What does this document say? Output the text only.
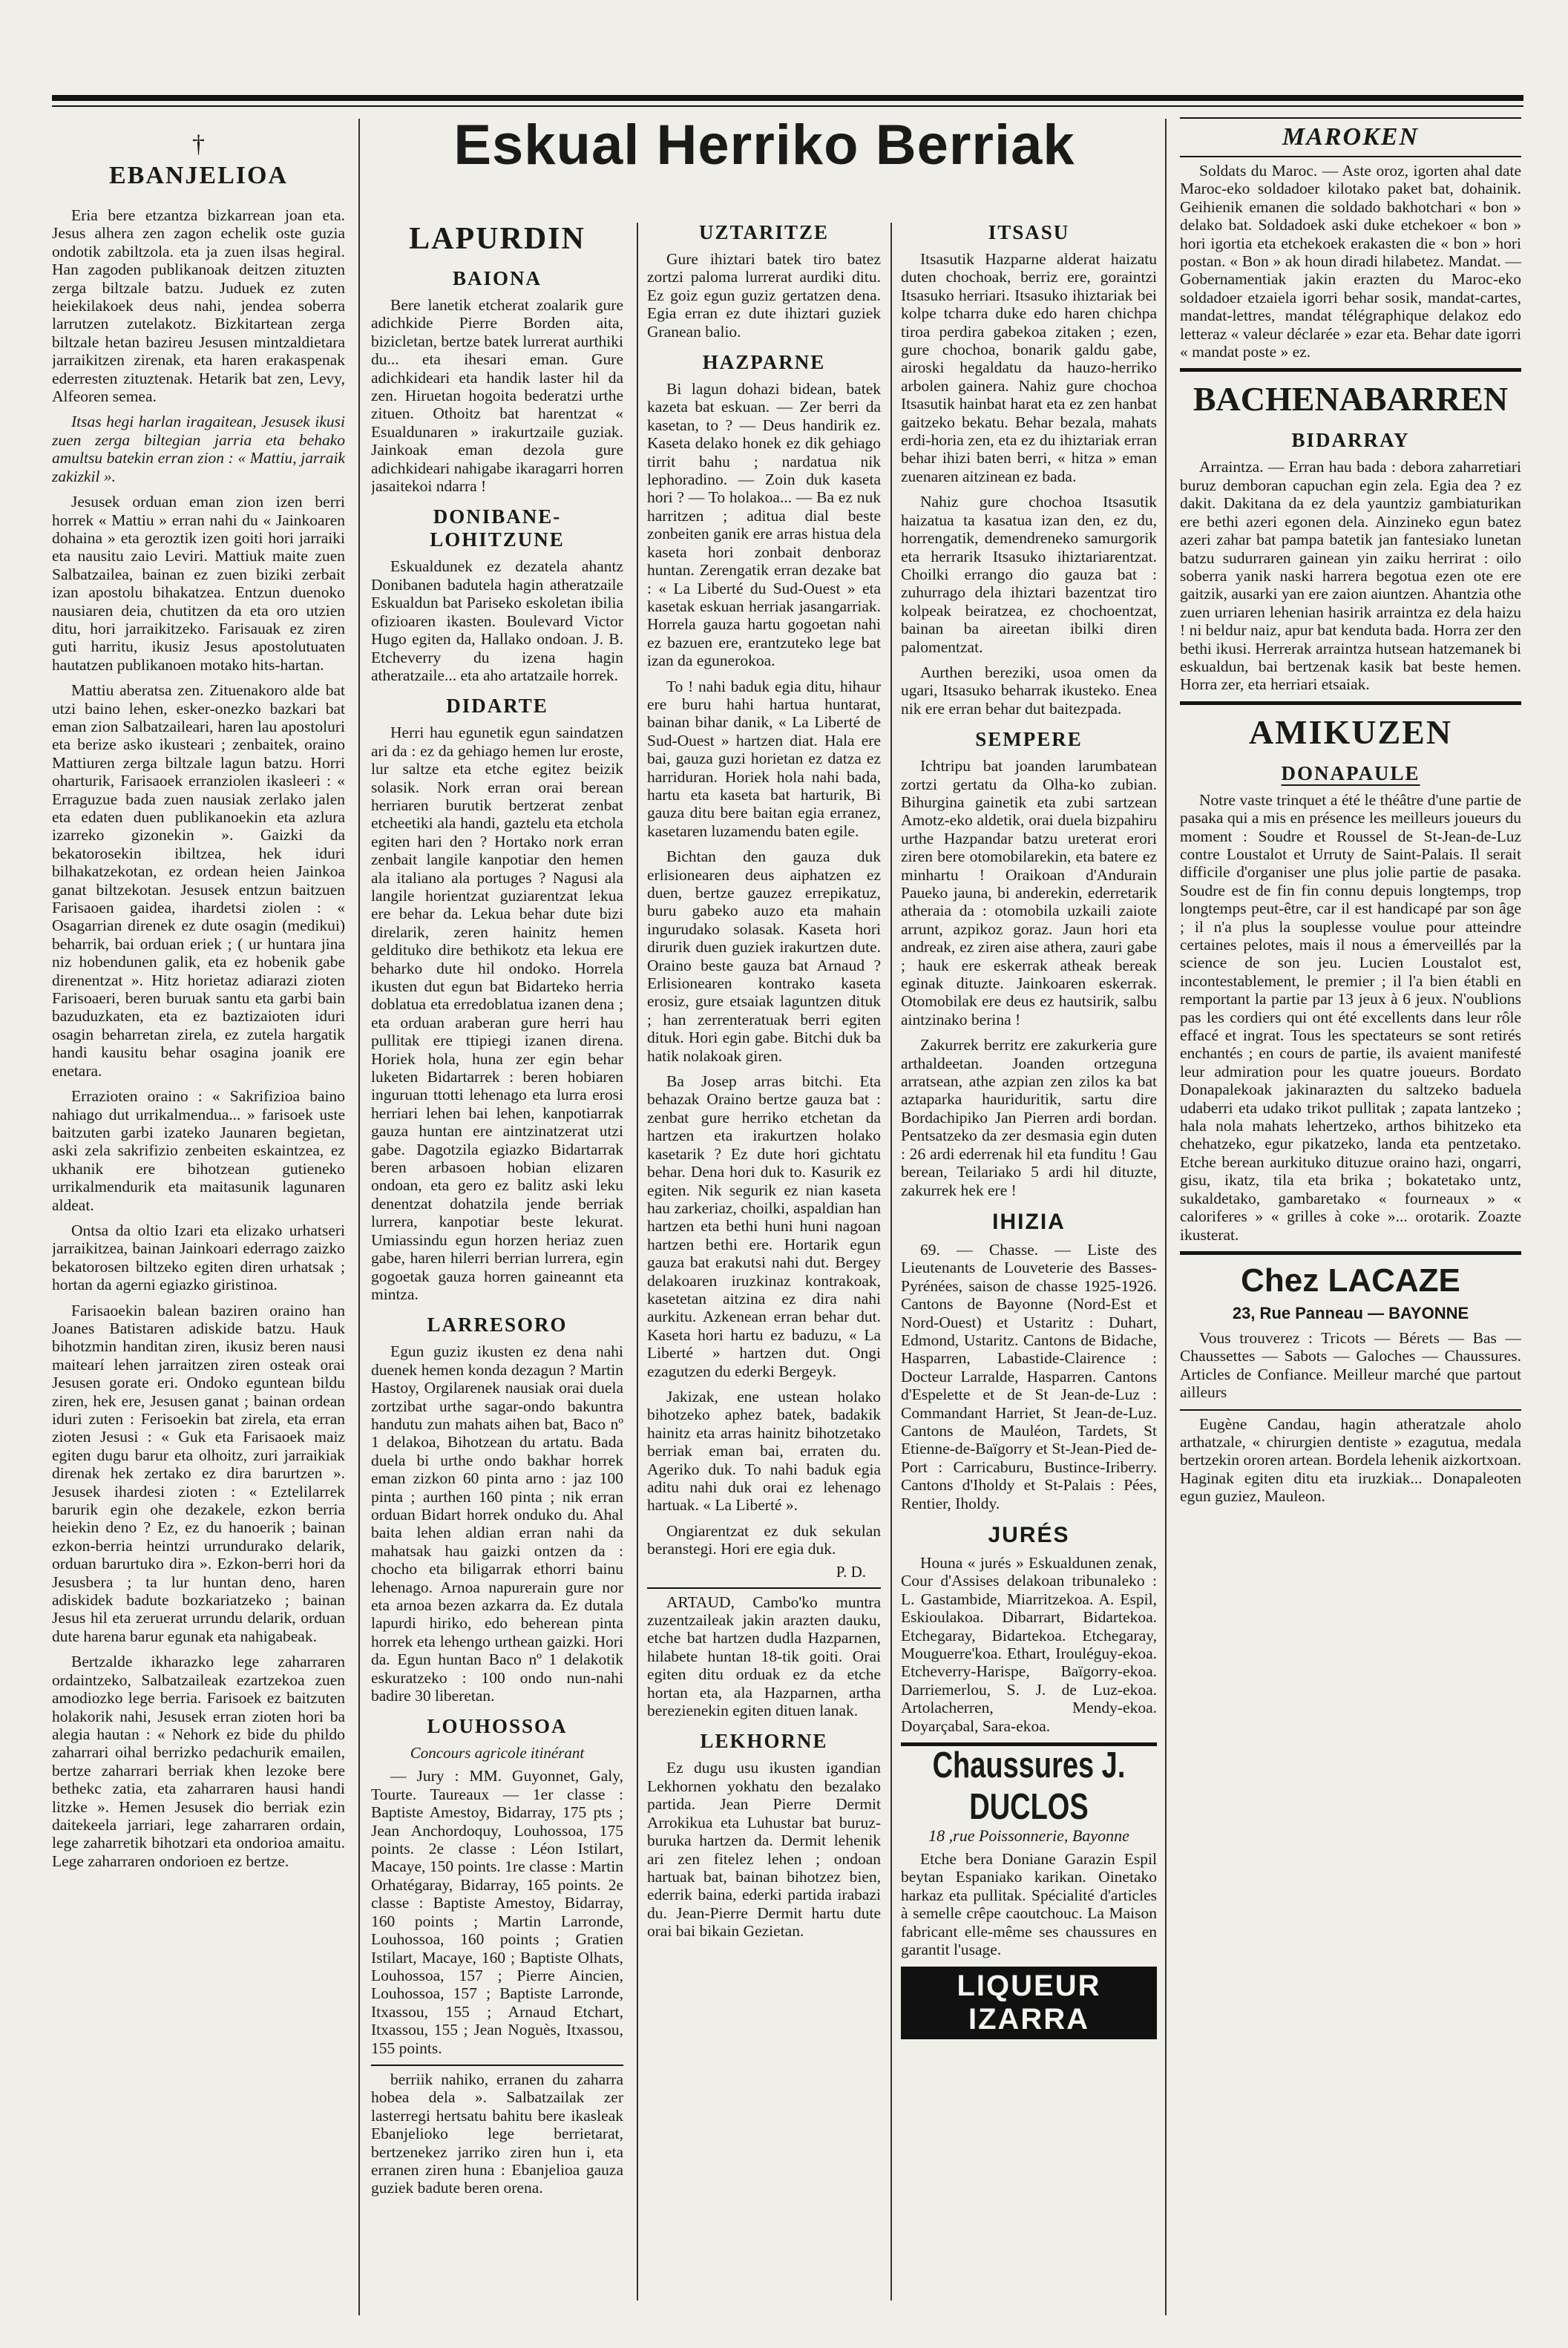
†
EBANJELIOA

Eria bere etzantza bizkarrean joan eta. Jesus alhera zen zagon echelik oste guzia ondotik zabiltzola. eta ja zuen ilsas hegiral. Han zagoden publikanoak deitzen zituzten zerga biltzale batzu. Juduek ez zuten heiekilakoek deus nahi, jendea soberra larrutzen zutelakotz. Bizkitartean zerga biltzale hetan bazireu Jesusen mintzaldietara jarraikitzen zirenak, eta haren erakaspenak ederresten zituztenak. Hetarik bat zen, Levy, Alfeoren semea.

Itsas hegi harlan iragaitean, Jesusek ikusi zuen zerga biltegian jarria eta behako amultsu batekin erran zion : « Mattiu, jarraik zakizkil ».

Jesusek orduan eman zion izen berri horrek « Mattiu » erran nahi du « Jainkoaren dohaina » eta geroztik izen goiti hori jarraiki eta nausitu zaio Leviri. Mattiuk maite zuen Salbatzailea, bainan ez zuen biziki zerbait izan apostolu bihakatzea. Entzun duenoko nausiaren deia, chutitzen da eta oro utzien ditu, hori jarraikitzeko. Farisauak ez ziren guti harritu, ikusiz Jesus apostolutuaten hautatzen publikanoen motako hits-hartan.

Mattiu aberatsa zen. Zituenakoro alde bat utzi baino lehen, esker-onezko bazkari bat eman zion Salbatzaileari, haren lau apostoluri eta berize asko ikusteari ; zenbaitek, oraino Mattiuren zerga biltzale lagun batzu. Horri oharturik, Farisaoek erranziolen ikasleeri : « Erraguzue bada zuen nausiak zerlako jalen eta edaten duen publikanoekin eta azlura izarreko gizonekin ». Gaizki da bekatorosekin ibiltzea, hek iduri bilhakatzekotan, ez ordean heien Jainkoa ganat biltzekotan. Jesusek entzun baitzuen Farisaoen gaidea, ihardetsi ziolen : « Osagarrian direnek ez dute osagin (medikui) beharrik, bai orduan eriek ; ( ur huntara jina niz hobendunen galik, eta ez hobenik gabe direnentzat ». Hitz horietaz adiarazi zioten Farisoaeri, beren buruak santu eta garbi bain bazuduzkaten, eta ez baztizaioten iduri osagin beharretan zirela, ez zutela hargatik handi kausitu behar osagina joanik ere enetara.

Errazioten oraino : « Sakrifizioa baino nahiago dut urrikalmendua... » farisoek uste baitzuten garbi izateko Jaunaren begietan, aski zela sakrifizio zenbeiten eskaintzea, ez ukhanik ere bihotzean gutieneko urrikalmendurik eta maitasunik lagunaren aldeat.

Ontsa da oltio Izari eta elizako urhatseri jarraikitzea, bainan Jainkoari ederrago zaizko bekatorosen biltzeko egiten diren urhatsak ; hortan da agerni egiazko giristinoa.

Farisaoekin balean baziren oraino han Joanes Batistaren adiskide batzu. Hauk bihotzmin handitan ziren, ikusiz beren nausi maitearí lehen jarraitzen ziren osteak orai Jesusen gorate eri. Ondoko eguntean bildu ziren, hek ere, Jesusen ganat ; bainan ordean iduri zuten : Ferisoekin bat zirela, eta erran zioten Jesusi : « Guk eta Farisaoek maiz egiten dugu barur eta olhoitz, zuri jarraikiak direnak hek zertako ez dira barurtzen ». Jesusek ihardesi zioten : « Eztelilarrek barurik egin ohe dezakele, ezkon berria heiekin deno ? Ez, ez du hanoerik ; bainan ezkon-berria heintzi urrundurako delarik, orduan barurtuko dira ». Ezkon-berri hori da Jesusbera ; ta lur huntan deno, haren adiskidek badute bozkariatzeko ; bainan Jesus hil eta zeruerat urrundu delarik, orduan dute harena barur egunak eta nahigabeak.

Bertzalde ikharazko lege zaharraren ordaintzeko, Salbatzaileak ezartzekoa zuen amodiozko lege berria. Farisoek ez baitzuten holakorik nahi, Jesusek erran zioten hori ba alegia hautan : « Nehork ez bide du phildo zaharrari oihal berrizko pedachurik emailen, bertze zaharrari berriak khen lezoke bere bethekc zatia, eta zaharraren hausi handi litzke ». Hemen Jesusek dio berriak ezin daitekeela jarriari, lege zaharraren ordain, lege zaharretik bihotzari eta ondorioa amaitu. Lege zaharraren ondorioen ez bertze.

Eskual Herriko Berriak
LAPURDIN
BAIONA

Bere lanetik etcherat zoalarik gure adichkide Pierre Borden aita, bizicletan, bertze batek lurrerat aurthiki du... eta ihesari eman. Gure adichkideari eta handik laster hil da zen. Hiruetan hogoita bederatzi urthe zituen. Othoitz bat harentzat « Esualdunaren » irakurtzaile guziak. Jainkoak eman dezola gure adichkideari nahigabe ikaragarri horren jasaitekoi ndarra !

DONIBANE-LOHITZUNE

Eskualdunek ez dezatela ahantz Donibanen badutela hagin atheratzaile Eskualdun bat Pariseko eskoletan ibilia ofizioaren ikasten. Boulevard Victor Hugo egiten da, Hallako ondoan. J. B. Etcheverry du izena hagin atheratzaile... eta aho artatzaile horrek.

DIDARTE

Herri hau egunetik egun saindatzen ari da : ez da gehiago hemen lur eroste, lur saltze eta etche egitez beizik solasik. Nork erran orai berean herriaren burutik bertzerat zenbat etcheetiki ala handi, gaztelu eta etchola egiten hari den ? Hortako nork erran zenbait langile kanpotiar den hemen ala italiano ala portuges ? Nagusi ala langile horientzat guziarentzat lekua ere behar da. Lekua behar dute bizi direlarik, zeren hainitz hemen geldituko dire bethikotz eta lekua ere beharko dute hil ondoko. Horrela ikusten dut egun bat Bidarteko herria doblatua eta erredoblatua izanen dena ; eta orduan araberan gure herri hau pullitak ere ttipiegi izanen direna. Horiek hola, huna zer egin behar luketen Bidartarrek : beren hobiaren inguruan ttotti lehenago eta lurra erosi herriari lehen bai lehen, kanpotiarrak gauza huntan ere aintzinatzerat utzi gabe. Dagotzila egiazko Bidartarrak beren arbasoen hobian elizaren ondoan, eta gero ez balitz aski leku denentzat dohatzila jende berriak lurrera, kanpotiar beste lekurat. Umiassindu egun horzen heriaz zuen gabe, haren hilerri berrian lurrera, egin gogoetak gauza horren gaineannt eta mintza.

LARRESORO

Egun guziz ikusten ez dena nahi duenek hemen konda dezagun ? Martin Hastoy, Orgilarenek nausiak orai duela zortzibat urthe sagar-ondo bakuntra handutu zun mahats aihen bat, Baco nº 1 delakoa, Bihotzean du artatu. Bada duela bi urthe ondo bakhar horrek eman zizkon 60 pinta arno : jaz 100 pinta ; aurthen 160 pinta ; nik erran orduan Bidart horrek onduko du. Ahal baita lehen aldian erran nahi da mahatsak hau gaizki ontzen da : chocho eta biligarrak ethorri bainu lehenago. Arnoa napurerain gure nor eta arnoa bezen azkarra da. Ez dutala lapurdi hiriko, edo beherean pinta horrek eta lehengo urthean gaizki. Hori da. Egun huntan Baco nº 1 delakotik eskuratzeko : 100 ondo nun-nahi badire 30 liberetan.

LOUHOSSOA
Concours agricole itinérant

— Jury : MM. Guyonnet, Galy, Tourte. Taureaux — 1er classe : Baptiste Amestoy, Bidarray, 175 pts ; Jean Anchordoquy, Louhossoa, 175 points. 2e classe : Léon Istilart, Macaye, 150 points. 1re classe : Martin Orhatégaray, Bidarray, 165 points. 2e classe : Baptiste Amestoy, Bidarray, 160 points ; Martin Larronde, Louhossoa, 160 points ; Gratien Istilart, Macaye, 160 ; Baptiste Olhats, Louhossoa, 157 ; Pierre Aincien, Louhossoa, 157 ; Baptiste Larronde, Itxassou, 155 ; Arnaud Etchart, Itxassou, 155 ; Jean Noguès, Itxassou, 155 points.

berriik nahiko, erranen du zaharra hobea dela ». Salbatzailak zer lasterregi hertsatu bahitu bere ikasleak Ebanjelioko lege berrietarat, bertzenekez jarriko ziren hun i, eta erranen ziren huna : Ebanjelioa gauza guziek badute beren orena.

UZTARITZE

Gure ihiztari batek tiro batez zortzi paloma lurrerat aurdiki ditu. Ez goiz egun guziz gertatzen dena. Egia erran ez dute ihiztari guziek Granean balio.

HAZPARNE

Bi lagun dohazi bidean, batek kazeta bat eskuan. — Zer berri da kasetan, to ? — Deus handirik ez. Kaseta delako honek ez dik gehiago tirrit bahu ; nardatua nik lephoradino. — Zoin duk kaseta hori ? — To holakoa... — Ba ez nuk harritzen ; aditua dial beste zonbeiten ganik ere arras histua dela kaseta hori zonbait denboraz huntan. Zerengatik erran dezake bat : « La Liberté du Sud-Ouest » eta kasetak eskuan herriak jasangarriak. Horrela gauza hartu gogoetan nahi ez bazuen ere, erantzuteko lege bat izan da egunerokoa.

To ! nahi baduk egia ditu, hihaur ere buru hahi hartua huntarat, bainan bihar danik, « La Liberté de Sud-Ouest » hartzen diat. Hala ere bai, gauza guzi horietan ez datza ez harriduran. Horiek hola nahi bada, hartu eta kaseta bat harturik, Bi gauza ditu bere baitan egia erranez, kasetaren luzamendu baten egile.

Bichtan den gauza duk erlisionearen deus aiphatzen ez duen, bertze gauzez errepikatuz, buru gabeko auzo eta mahain ingurudako solasak. Kaseta hori dirurik duen guziek irakurtzen dute. Oraino beste gauza bat Arnaud ? Erlisionearen kontrako kaseta erosiz, gure etsaiak laguntzen dituk ; han zerrenteratuak berri egiten dituk. Hori egin gabe. Bitchi duk ba hatik nolakoak giren.

Ba Josep arras bitchi. Eta behazak Oraino bertze gauza bat : zenbat gure herriko etchetan da hartzen eta irakurtzen holako kasetarik ? Ez dute hori gichtatu behar. Dena hori duk to. Kasurik ez egiten. Nik segurik ez nian kaseta hau zarkeriaz, choilki, aspaldian han hartzen eta bethi huni huni nagoan hartzen bethi ere. Hortarik egun gauza bat erakutsi nahi dut. Bergey delakoaren iruzkinaz kontrakoak, kasetetan aitzina ez dira nahi aurkitu. Azkenean erran behar dut. Kaseta hori hartu ez baduzu, « La Liberté » hartzen dut. Ongi ezagutzen du ederki Bergeyk.

Jakizak, ene ustean holako bihotzeko aphez batek, badakik hainitz eta arras hainitz bihotzetako berriak eman bai, erraten du. Ageriko duk. To nahi baduk egia aditu nahi duk orai ez lehenago hartuak. « La Liberté ».

Ongiarentzat ez duk sekulan beranstegi. Hori ere egia duk.

P. D.

ARTAUD, Cambo'ko muntra zuzentzaileak jakin arazten dauku, etche bat hartzen dudla Hazparnen, hilabete huntan 18-tik goiti. Orai egiten ditu orduak ez da etche hortan eta, ala Hazparnen, artha berezienekin egiten dituen lanak.

LEKHORNE

Ez dugu usu ikusten igandian Lekhornen yokhatu den bezalako partida. Jean Pierre Dermit Arrokikua eta Luhustar bat buruz-buruka hartzen da. Dermit lehenik ari zen fitelez lehen ; ondoan hartuak bat, bainan bihotzez bien, ederrik baina, ederki partida irabazi du. Jean-Pierre Dermit hartu dute orai bai bikain Gezietan.

ITSASU

Itsasutik Hazparne alderat haizatu duten chochoak, berriz ere, goraintzi Itsasuko herriari. Itsasuko ihiztariak bei kolpe tcharra duke edo haren chichpa tiroa perdira gabekoa zitaken ; ezen, gure chochoa, bonarik galdu gabe, airoski hegaldatu da hauzo-herriko arbolen gainera. Nahiz gure chochoa Itsasutik hainbat harat eta ez zen hanbat gaitzeko bekatu. Behar bezala, mahats erdi-horia zen, eta ez du ihiztariak erran behar ihizi baten berri, « hitza » eman zuenaren aitzinean ez bada.

Nahiz gure chochoa Itsasutik haizatua ta kasatua izan den, ez du, horrengatik, demendreneko samurgorik eta herrarik Itsasuko ihiztariarentzat. Choilki errango dio gauza bat : zuhurrago dela ihiztari bazentzat tiro kolpeak beiratzea, ez chochoentzat, bainan ba aireetan ibilki diren palomentzat.

Aurthen bereziki, usoa omen da ugari, Itsasuko beharrak ikusteko. Enea nik ere erran behar dut baitezpada.

SEMPERE

Ichtripu bat joanden larumbatean zortzi gertatu da Olha-ko zubian. Bihurgina gainetik eta zubi sartzean Amotz-eko aldetik, orai duela bizpahiru urthe Hazpandar batzu ureterat erori ziren bere otomobilarekin, eta batere ez minhartu ! Oraikoan d'Andurain Paueko jauna, bi anderekin, ederretarik atheraia da : otomobila uzkaili zaiote arrunt, azpikoz goraz. Jaun hori eta andreak, ez ziren aise athera, zauri gabe ; hauk ere eskerrak atheak bereak eginak dituzte. Jainkoaren eskerrak. Otomobilak ere deus ez hautsirik, salbu aintzinako berina !

Zakurrek berritz ere zakurkeria gure arthaldeetan. Joanden ortzeguna arratsean, athe azpian zen zilos ka bat aztaparka hauriduritik, sartu dire Bordachipiko Jan Pierren ardi bordan. Pentsatzeko da zer desmasia egin duten : 26 ardi ederrenak hil eta funditu ! Gau berean, Teilariako 5 ardi hil dituzte, zakurrek hek ere !

IHIZIA

69. — Chasse. — Liste des Lieutenants de Louveterie des Basses-Pyrénées, saison de chasse 1925-1926. Cantons de Bayonne (Nord-Est et Nord-Ouest) et Ustaritz : Duhart, Edmond, Ustaritz. Cantons de Bidache, Hasparren, Labastide-Clairence : Docteur Larralde, Hasparren. Cantons d'Espelette et de St Jean-de-Luz : Commandant Harriet, St Jean-de-Luz. Cantons de Mauléon, Tardets, St Etienne-de-Baïgorry et St-Jean-Pied de-Port : Carricaburu, Bustince-Iriberry. Cantons d'Iholdy et St-Palais : Pées, Rentier, Iholdy.

JURÉS

Houna « jurés » Eskualdunen zenak, Cour d'Assises delakoan tribunaleko : L. Gastambide, Miarritzekoa. A. Espil, Eskioulakoa. Dibarrart, Bidartekoa. Etchegaray, Bidartekoa. Etchegaray, Mouguerre'koa. Ethart, Irouléguy-ekoa. Etcheverry-Harispe, Baïgorry-ekoa. Darriemerlou, S. J. de Luz-ekoa. Artolacherren, Mendy-ekoa. Doyarçabal, Sara-ekoa.

Chaussures J. DUCLOS
18 ,rue Poissonnerie, Bayonne

Etche bera Doniane Garazin Espil beytan Espaniako karikan. Oinetako harkaz eta pullitak. Spécialité d'articles à semelle crêpe caoutchouc. La Maison fabricant elle-même ses chaussures en garantit l'usage.

LIQUEUR IZARRA
MAROKEN

Soldats du Maroc. — Aste oroz, igorten ahal date Maroc-eko soldadoer kilotako paket bat, dohainik. Geihienik emanen die soldado bakhotchari « bon » delako bat. Soldadoek aski duke etchekoer « bon » hori igortia eta etchekoek erakasten die « bon » hori postan. « Bon » ak houn diradi hilabetez. Mandat. — Gobernamentiak jakin erazten du Maroc-eko soldadoer etzaiela igorri behar sosik, mandat-cartes, mandat-lettres, mandat télégraphique delakoz edo letteraz « valeur déclarée » ezar eta. Behar date igorri « mandat poste » ez.

BACHENABARREN
BIDARRAY

Arraintza. — Erran hau bada : debora zaharretiari buruz demboran capuchan egin zela. Egia dea ? ez dakit. Dakitana da ez dela yauntziz gambiaturikan ere bethi azeri egonen dela. Ainzineko egun batez azeri zahar bat pampa batetik jan fantesiako lunetan batzu sudurraren gainean yin zaiku herrirat : oilo soberra yanik naski harrera begotua ezen ote ere gaitzik, ausarki yan ere zaion aiuntzen. Ahantzia othe zuen urriaren lehenian hasirik arraintza ez dela haizu ! ni beldur naiz, apur bat kenduta bada. Horra zer den bethi ikusi. Herrerak arraintza hutsean hatzemanek bi eskualdun, bai bertzenak kasik bat beste hemen. Horra zer, eta herriari etsaiak.

AMIKUZEN
DONAPAULE

Notre vaste trinquet a été le théâtre d'une partie de pasaka qui a mis en présence les meilleurs joueurs du moment : Soudre et Roussel de St-Jean-de-Luz contre Loustalot et Urruty de Saint-Palais. Il serait difficile d'organiser une plus jolie partie de pasaka. Soudre est de fin fin connu depuis longtemps, trop longtemps peut-être, car il est handicapé par son âge ; il n'a plus la souplesse voulue pour atteindre certaines pelotes, mais il nous a émerveillés par la science de son jeu. Lucien Loustalot est, incontestablement, le premier ; il l'a bien établi en remportant la partie par 13 jeux à 6 jeux. N'oublions pas les cordiers qui ont été excellents dans leur rôle effacé et ingrat. Tous les spectateurs se sont retirés enchantés ; en cours de partie, ils avaient manifesté leur admiration pour les quatre joueurs. Bordato Donapalekoak jakinarazten du saltzeko baduela udaberri eta udako trikot pullitak ; zapata lantzeko ; hala nola mahats lehertzeko, arthos bihitzeko eta chehatzeko, egur pikatzeko, landa eta pentzetako. Etche berean aurkituko dituzue oraino hazi, ongarri, gisu, ikatz, tila eta brika ; bokatetako untz, sukaldetako, gambaretako « fourneaux » « caloriferes » « grilles à coke »... orotarik. Zoazte ikusterat.

Chez LACAZE
23, Rue Panneau — BAYONNE

Vous trouverez : Tricots — Bérets — Bas — Chaussettes — Sabots — Galoches — Chaussures. Articles de Confiance. Meilleur marché que partout ailleurs

Eugène Candau, hagin atheratzale aholo arthatzale, « chirurgien dentiste » ezagutua, medala bertzekin ororen artean. Bordela lehenik aizkortxoan. Haginak egiten ditu eta iruzkiak... Donapaleoten egun guziez, Mauleon.
